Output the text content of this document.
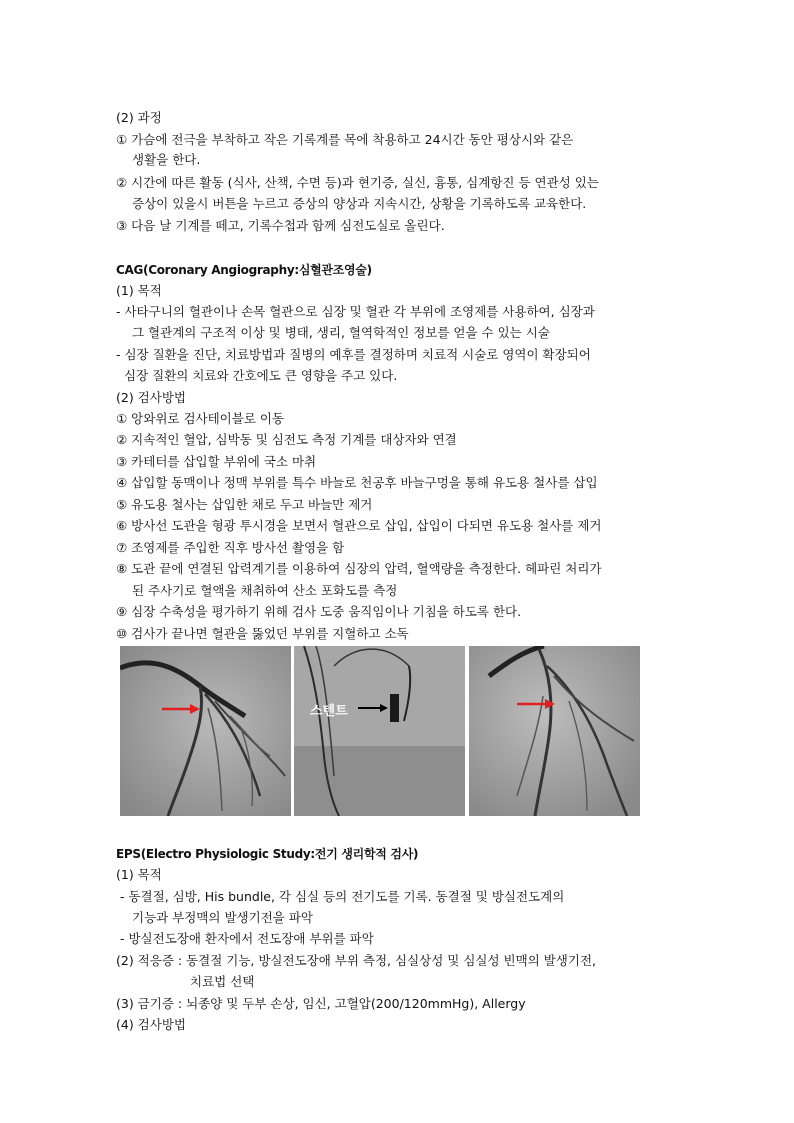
(2) 과정
① 가슴에 전극을 부착하고 작은 기록계를 목에 착용하고 24시간 동안 평상시와 같은
생활을 한다.
② 시간에 따른 활동 (식사, 산책, 수면 등)과 현기증, 실신, 흉통, 심계항진 등 연관성 있는
증상이 있을시 버튼을 누르고 증상의 양상과 지속시간, 상황을 기록하도록 교육한다.
③ 다음 날 기계를 떼고, 기록수첩과 함께 심전도실로 올린다.
CAG(Coronary Angiography:심혈관조영술)
(1) 목적
- 사타구니의 혈관이나 손목 혈관으로 심장 및 혈관 각 부위에 조영제를 사용하여, 심장과
그 혈관계의 구조적 이상 및 병태, 생리, 혈역학적인 정보를 얻을 수 있는 시술
- 심장 질환을 진단, 치료방법과 질병의 예후를 결정하며 치료적 시술로 영역이 확장되어
심장 질환의 치료와 간호에도 큰 영향을 주고 있다.
(2) 검사방법
① 앙와위로 검사테이블로 이동
② 지속적인 혈압, 심박동 및 심전도 측정 기계를 대상자와 연결
③ 카테터를 삽입할 부위에 국소 마취
④ 삽입할 동맥이나 정맥 부위를 특수 바늘로 천공후 바늘구멍을 통해 유도용 철사를 삽입
⑤ 유도용 철사는 삽입한 채로 두고 바늘만 제거
⑥ 방사선 도관을 형광 투시경을 보면서 혈관으로 삽입, 삽입이 다되면 유도용 철사를 제거
⑦ 조영제를 주입한 직후 방사선 촬영을 함
⑧ 도관 끝에 연결된 압력계기를 이용하여 심장의 압력, 혈액량을 측정한다. 헤파린 처리가
된 주사기로 혈액을 채취하여 산소 포화도를 측정
⑨ 심장 수축성을 평가하기 위해 검사 도중 움직임이나 기침을 하도록 한다.
⑩ 검사가 끝나면 혈관을 뚫었던 부위를 지혈하고 소독
스텐트
EPS(Electro Physiologic Study:전기 생리학적 검사)
(1) 목적
- 동결절, 심방, His bundle, 각 심실 등의 전기도를 기록. 동결절 및 방실전도계의
기능과 부정맥의 발생기전을 파악
- 방실전도장애 환자에서 전도장애 부위를 파악
(2) 적응증 : 동결절 기능, 방실전도장애 부위 측정, 심실상성 및 심실성 빈맥의 발생기전,
치료법 선택
(3) 금기증 : 뇌종양 및 두부 손상, 임신, 고혈압(200/120mmHg), Allergy
(4) 검사방법
